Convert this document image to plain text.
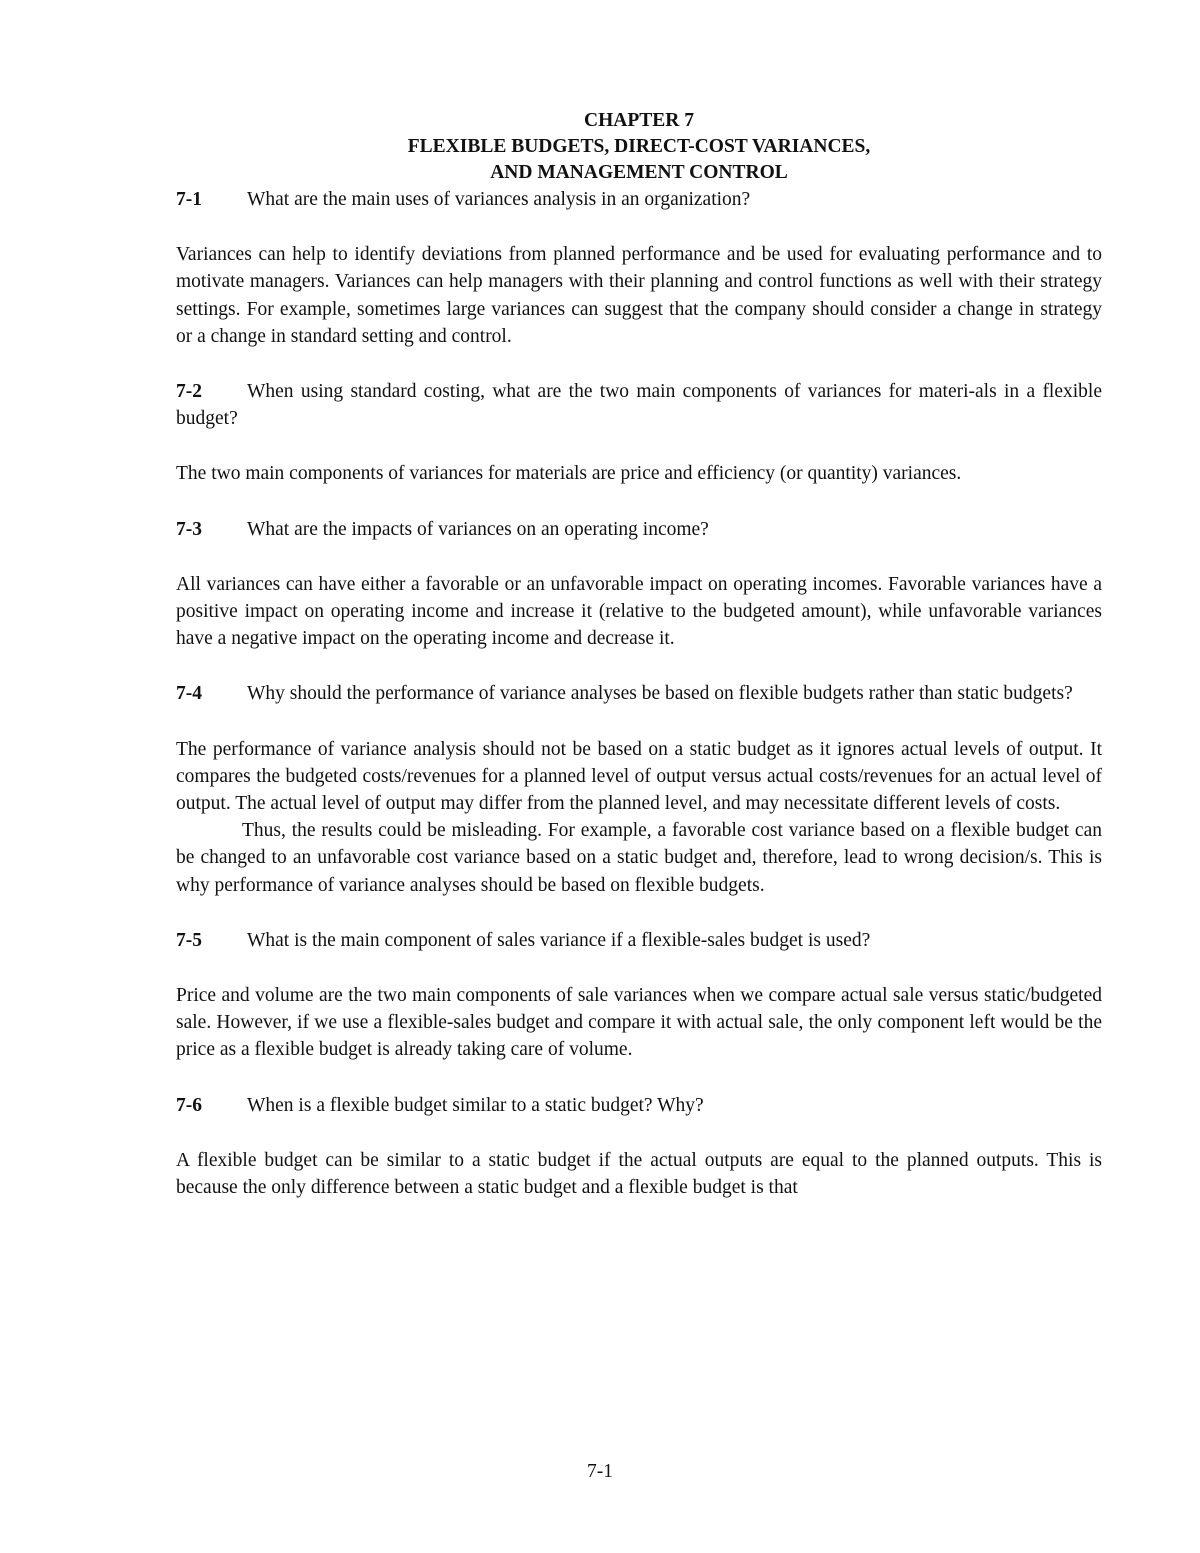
CHAPTER 7
FLEXIBLE BUDGETS, DIRECT-COST VARIANCES,
AND MANAGEMENT CONTROL
7-1 What are the main uses of variances analysis in an organization?

Variances can help to identify deviations from planned performance and be used for evaluating performance and to motivate managers. Variances can help managers with their planning and control functions as well with their strategy settings. For example, sometimes large variances can suggest that the company should consider a change in strategy or a change in standard setting and control.

7-2 When using standard costing, what are the two main components of variances for materi-als in a flexible budget?

The two main components of variances for materials are price and efficiency (or quantity) variances.

7-3 What are the impacts of variances on an operating income?

All variances can have either a favorable or an unfavorable impact on operating incomes. Favorable variances have a positive impact on operating income and increase it (relative to the budgeted amount), while unfavorable variances have a negative impact on the operating income and decrease it.

7-4 Why should the performance of variance analyses be based on flexible budgets rather than static budgets?

The performance of variance analysis should not be based on a static budget as it ignores actual levels of output. It compares the budgeted costs/revenues for a planned level of output versus actual costs/revenues for an actual level of output. The actual level of output may differ from the planned level, and may necessitate different levels of costs.

Thus, the results could be misleading. For example, a favorable cost variance based on a flexible budget can be changed to an unfavorable cost variance based on a static budget and, therefore, lead to wrong decision/s. This is why performance of variance analyses should be based on flexible budgets.

7-5 What is the main component of sales variance if a flexible-sales budget is used?

Price and volume are the two main components of sale variances when we compare actual sale versus static/budgeted sale. However, if we use a flexible-sales budget and compare it with actual sale, the only component left would be the price as a flexible budget is already taking care of volume.

7-6 When is a flexible budget similar to a static budget? Why?

A flexible budget can be similar to a static budget if the actual outputs are equal to the planned outputs. This is because the only difference between a static budget and a flexible budget is that

7-1
